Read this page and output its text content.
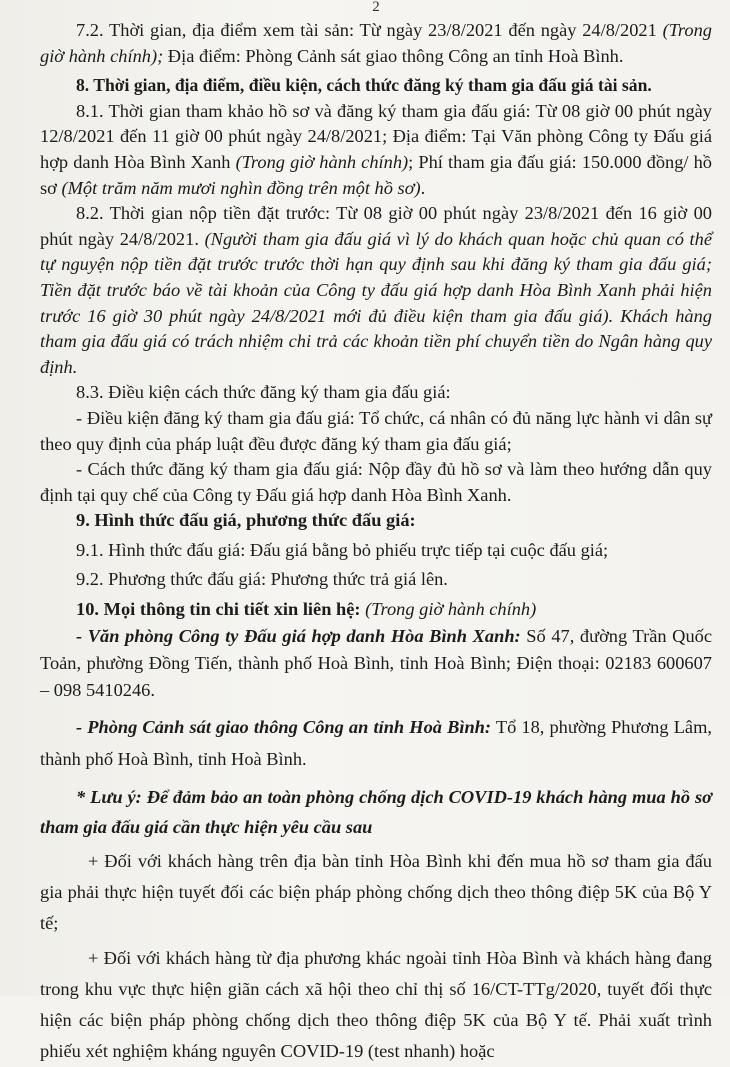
2

7.2. Thời gian, địa điểm xem tài sản: Từ ngày 23/8/2021 đến ngày 24/8/2021 (Trong giờ hành chính); Địa điểm: Phòng Cảnh sát giao thông Công an tỉnh Hoà Bình.

8. Thời gian, địa điểm, điều kiện, cách thức đăng ký tham gia đấu giá tài sản.

8.1. Thời gian tham khảo hồ sơ và đăng ký tham gia đấu giá: Từ 08 giờ 00 phút ngày 12/8/2021 đến 11 giờ 00 phút ngày 24/8/2021; Địa điểm: Tại Văn phòng Công ty Đấu giá hợp danh Hòa Bình Xanh (Trong giờ hành chính); Phí tham gia đấu giá: 150.000 đồng/ hồ sơ (Một trăm năm mươi nghìn đồng trên một hồ sơ).

8.2. Thời gian nộp tiền đặt trước: Từ 08 giờ 00 phút ngày 23/8/2021 đến 16 giờ 00 phút ngày 24/8/2021. (Người tham gia đấu giá vì lý do khách quan hoặc chủ quan có thể tự nguyện nộp tiền đặt trước trước thời hạn quy định sau khi đăng ký tham gia đấu giá; Tiền đặt trước báo về tài khoản của Công ty đấu giá hợp danh Hòa Bình Xanh phải hiện trước 16 giờ 30 phút ngày 24/8/2021 mới đủ điều kiện tham gia đấu giá). Khách hàng tham gia đấu giá có trách nhiệm chi trả các khoản tiền phí chuyển tiền do Ngân hàng quy định.

8.3. Điều kiện cách thức đăng ký tham gia đấu giá:

- Điều kiện đăng ký tham gia đấu giá: Tổ chức, cá nhân có đủ năng lực hành vi dân sự theo quy định của pháp luật đều được đăng ký tham gia đấu giá;

- Cách thức đăng ký tham gia đấu giá: Nộp đầy đủ hồ sơ và làm theo hướng dẫn quy định tại quy chế của Công ty Đấu giá hợp danh Hòa Bình Xanh.

9. Hình thức đấu giá, phương thức đấu giá:

9.1. Hình thức đấu giá: Đấu giá bằng bỏ phiếu trực tiếp tại cuộc đấu giá;

9.2. Phương thức đấu giá: Phương thức trả giá lên.

10. Mọi thông tin chi tiết xin liên hệ: (Trong giờ hành chính)

- Văn phòng Công ty Đấu giá hợp danh Hòa Bình Xanh: Số 47, đường Trần Quốc Toản, phường Đồng Tiến, thành phố Hoà Bình, tỉnh Hoà Bình; Điện thoại: 02183 600607 – 098 5410246.

- Phòng Cảnh sát giao thông Công an tỉnh Hoà Bình: Tổ 18, phường Phương Lâm, thành phố Hoà Bình, tỉnh Hoà Bình.

* Lưu ý: Để đảm bảo an toàn phòng chống dịch COVID-19 khách hàng mua hồ sơ tham gia đấu giá cần thực hiện yêu cầu sau

+ Đối với khách hàng trên địa bàn tỉnh Hòa Bình khi đến mua hồ sơ tham gia đấu gia phải thực hiện tuyết đối các biện pháp phòng chống dịch theo thông điệp 5K của Bộ Y tế;

+ Đối với khách hàng từ địa phương khác ngoài tỉnh Hòa Bình và khách hàng đang trong khu vực thực hiện giãn cách xã hội theo chỉ thị số 16/CT-TTg/2020, tuyết đối thực hiện các biện pháp phòng chống dịch theo thông điệp 5K của Bộ Y tế. Phải xuất trình phiếu xét nghiệm kháng nguyên COVID-19 (test nhanh) hoặc
